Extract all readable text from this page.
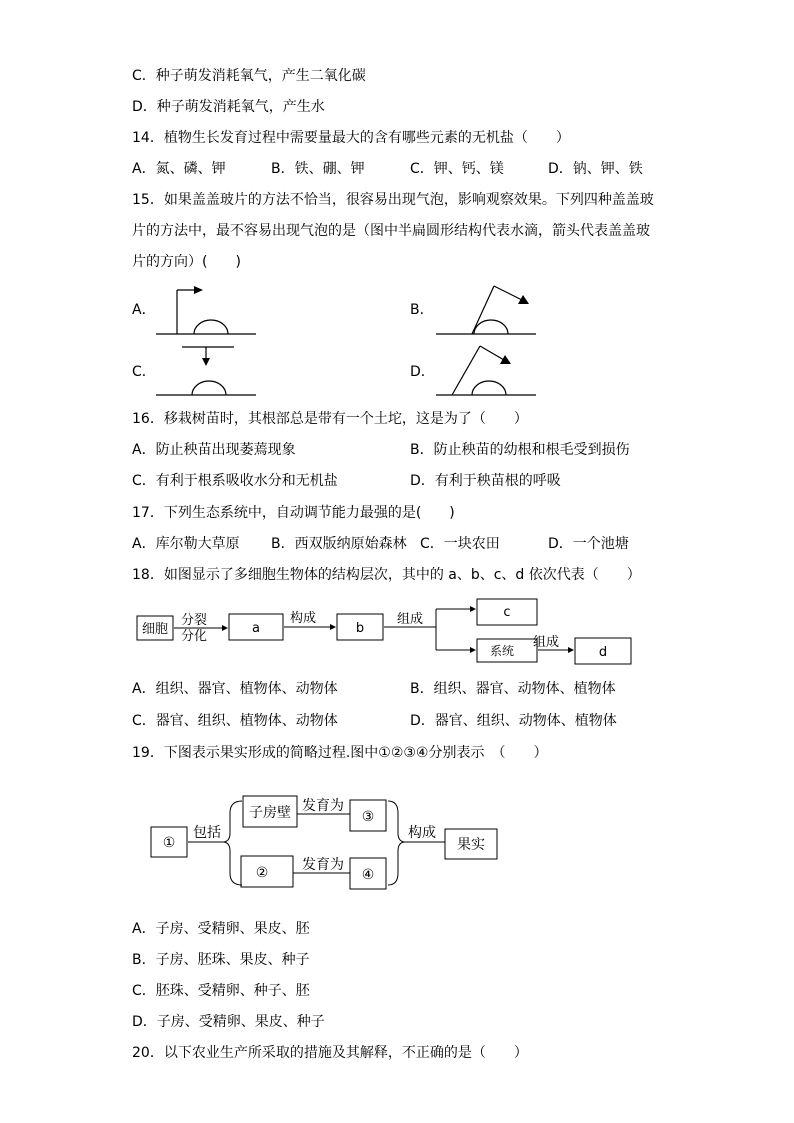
C．种子萌发消耗氧气，产生二氧化碳
D．种子萌发消耗氧气，产生水
14．植物生长发育过程中需要量最大的含有哪些元素的无机盐（　　）
A．氮、磷、钾	B．铁、硼、钾	C．钾、钙、镁	D．钠、钾、铁
15．如果盖盖玻片的方法不恰当，很容易出现气泡，影响观察效果。下列四种盖盖玻
片的方法中，最不容易出现气泡的是（图中半扁圆形结构代表水滴，箭头代表盖盖玻
片的方向）(　　)
A．	B．
C．	D．
16．移栽树苗时，其根部总是带有一个土坨，这是为了（　　）
A．防止秧苗出现萎蔫现象	B．防止秧苗的幼根和根毛受到损伤
C．有利于根系吸收水分和无机盐	D．有利于秧苗根的呼吸
17．下列生态系统中，自动调节能力最强的是(　　)
A．库尔勒大草原 B．西双版纳原始森林 C．一块农田	D．一个池塘
18．如图显示了多细胞生物体的结构层次，其中的 a、b、c、d 依次代表（　　）
细胞
分裂
分化
a
构成
b
组成	c
系统
组成
d
A．组织、器官、植物体、动物体	B．组织、器官、动物体、植物体
C．器官、组织、植物体、动物体	D．器官、组织、动物体、植物体
19．下图表示果实形成的简略过程.图中①②③④分别表示　（　　）
①
包括
子房壁 发育为
③
② 发育为
④
构成
果实
A．子房、受精卵、果皮、胚
B．子房、胚珠、果皮、种子
C．胚珠、受精卵、种子、胚
D．子房、受精卵、果皮、种子
20．以下农业生产所采取的措施及其解释，不正确的是（　　）
